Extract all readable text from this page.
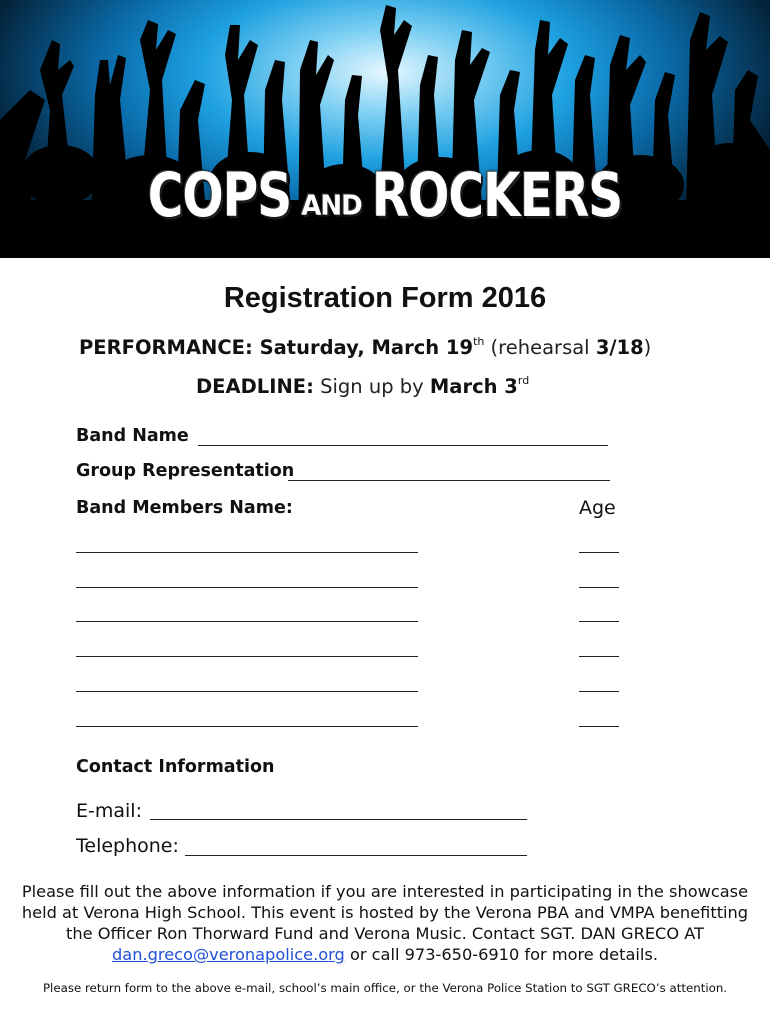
COPS AND ROCKERS
Registration Form 2016
PERFORMANCE: Saturday, March 19th (rehearsal 3/18)
DEADLINE: Sign up by March 3rd
Band Name
Group Representation
Band Members Name:	Age
Contact Information
E-mail:
Telephone:
Please fill out the above information if you are interested in participating in the showcase held at Verona High School. This event is hosted by the Verona PBA and VMPA benefitting the Officer Ron Thorward Fund and Verona Music. Contact SGT. DAN GRECO AT dan.greco@veronapolice.org or call 973-650-6910 for more details.
Please return form to the above e-mail, school’s main office, or the Verona Police Station to SGT GRECO’s attention.
